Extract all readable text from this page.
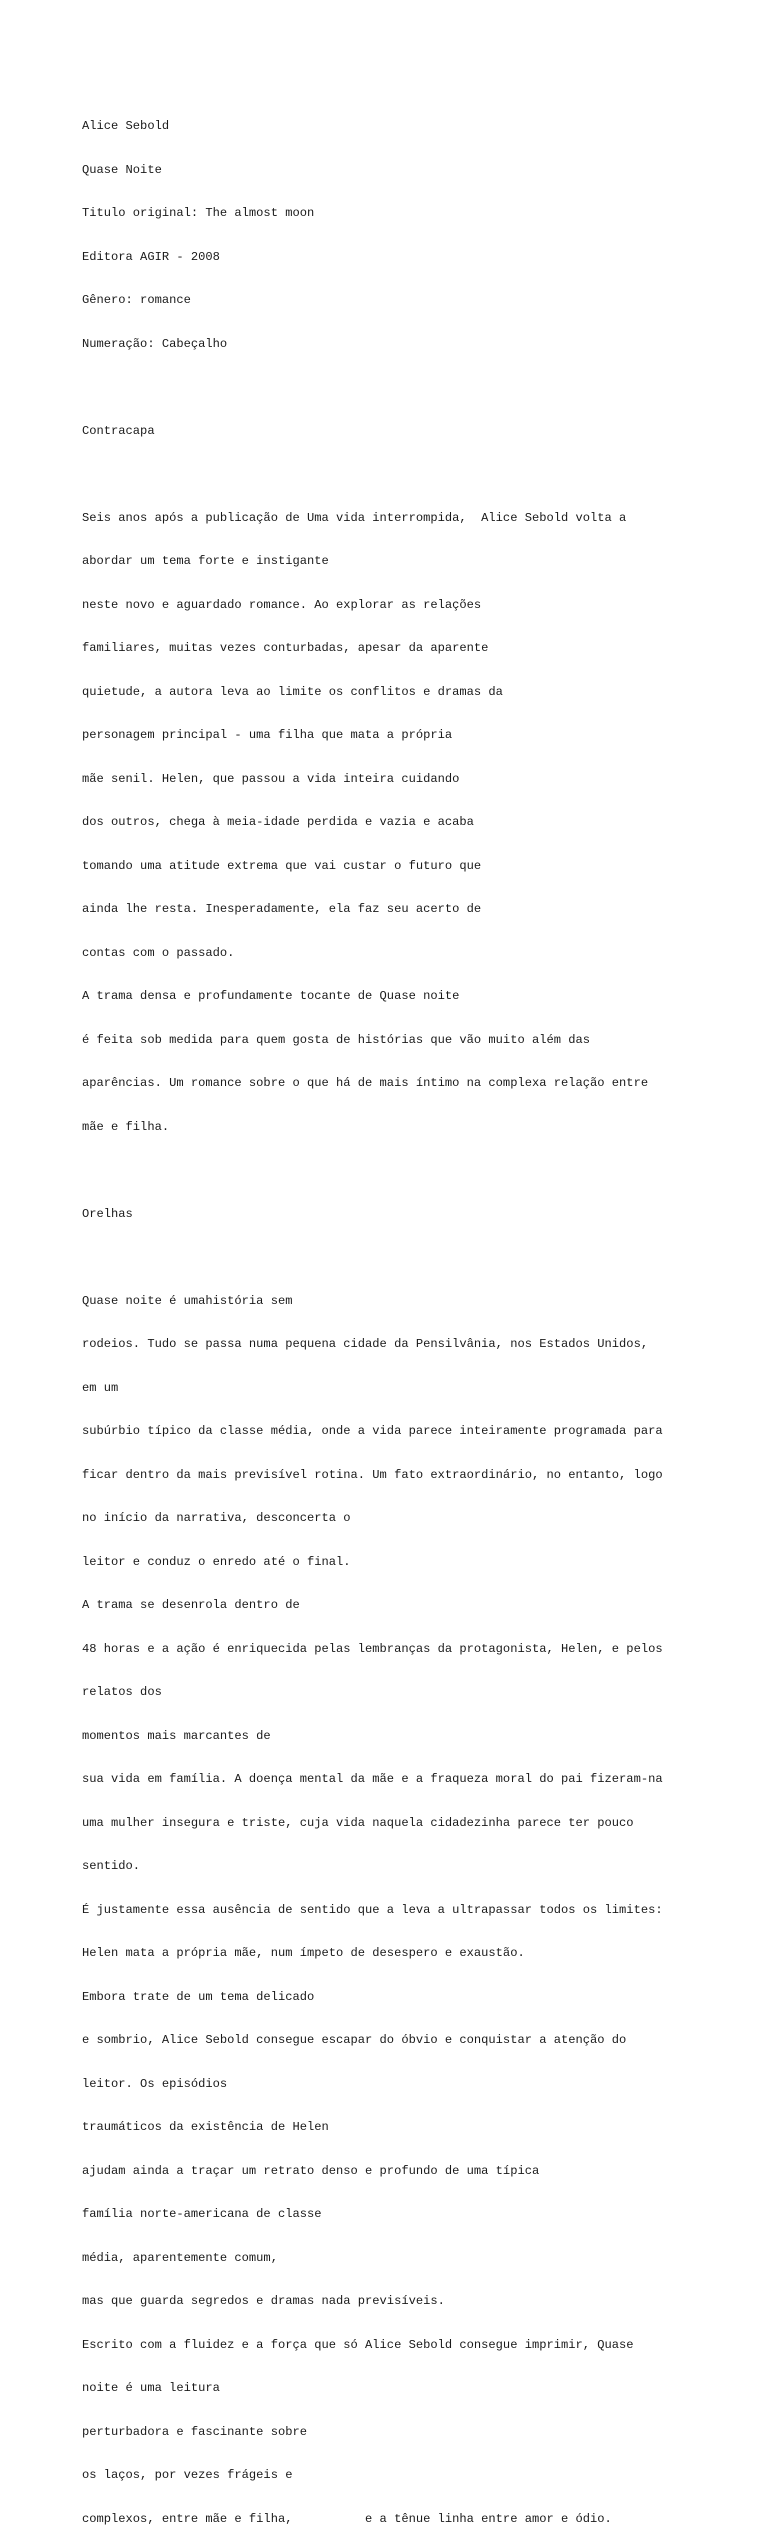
Alice Sebold

Quase Noite

Titulo original: The almost moon

Editora AGIR - 2008

Gênero: romance

Numeração: Cabeçalho

Contracapa

Seis anos após a publicação de Uma vida interrompida,  Alice Sebold volta a

abordar um tema forte e instigante

neste novo e aguardado romance. Ao explorar as relações

familiares, muitas vezes conturbadas, apesar da aparente

quietude, a autora leva ao limite os conflitos e dramas da

personagem principal - uma filha que mata a própria

mãe senil. Helen, que passou a vida inteira cuidando

dos outros, chega à meia-idade perdida e vazia e acaba

tomando uma atitude extrema que vai custar o futuro que

ainda lhe resta. Inesperadamente, ela faz seu acerto de

contas com o passado.

A trama densa e profundamente tocante de Quase noite

é feita sob medida para quem gosta de histórias que vão muito além das

aparências. Um romance sobre o que há de mais íntimo na complexa relação entre

mãe e filha.

Orelhas

Quase noite é umahistória sem

rodeios. Tudo se passa numa pequena cidade da Pensilvânia, nos Estados Unidos,

em um

subúrbio típico da classe média, onde a vida parece inteiramente programada para

ficar dentro da mais previsível rotina. Um fato extraordinário, no entanto, logo

no início da narrativa, desconcerta o

leitor e conduz o enredo até o final.

A trama se desenrola dentro de

48 horas e a ação é enriquecida pelas lembranças da protagonista, Helen, e pelos

relatos dos

momentos mais marcantes de

sua vida em família. A doença mental da mãe e a fraqueza moral do pai fizeram-na

uma mulher insegura e triste, cuja vida naquela cidadezinha parece ter pouco

sentido.

É justamente essa ausência de sentido que a leva a ultrapassar todos os limites:

Helen mata a própria mãe, num ímpeto de desespero e exaustão.

Embora trate de um tema delicado

e sombrio, Alice Sebold consegue escapar do óbvio e conquistar a atenção do

leitor. Os episódios

traumáticos da existência de Helen

ajudam ainda a traçar um retrato denso e profundo de uma típica

família norte-americana de classe

média, aparentemente comum,

mas que guarda segredos e dramas nada previsíveis.

Escrito com a fluidez e a força que só Alice Sebold consegue imprimir, Quase

noite é uma leitura

perturbadora e fascinante sobre

os laços, por vezes frágeis e

complexos, entre mãe e filha,          e a tênue linha entre amor e ódio.
